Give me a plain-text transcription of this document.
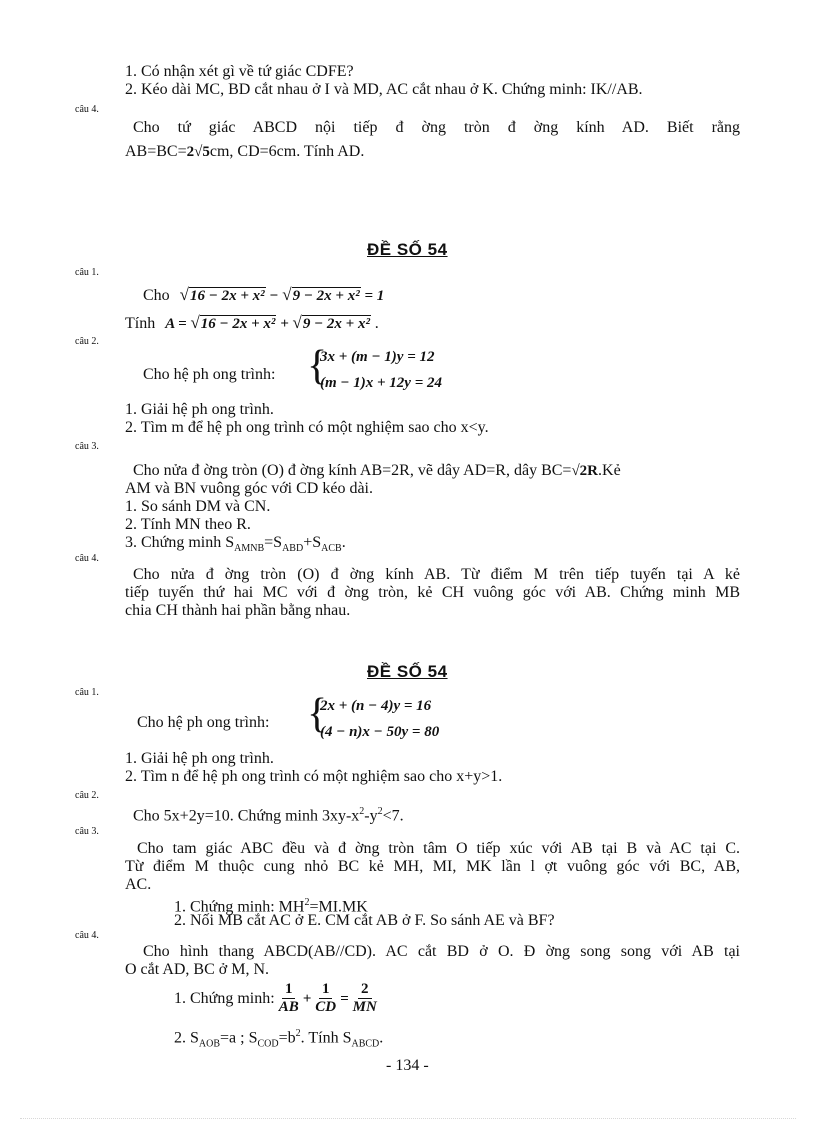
1. Có nhận xét gì về tứ giác CDFE?
2. Kéo dài MC, BD cắt nhau ở I và MD, AC cắt nhau ở K. Chứng minh: IK//AB.
câu 4.
Cho tứ giác ABCD nội tiếp đ ờng tròn đ ờng kính AD. Biết rằng
AB=BC=2√5cm, CD=6cm. Tính AD.
ĐỀ SỐ 54
câu 1.
Cho √16 − 2x + x² − √9 − 2x + x² = 1
Tính A = √16 − 2x + x² + √9 − 2x + x² .
câu 2.
Cho hệ ph ong trình: {
3x + (m − 1)y = 12
(m − 1)x + 12y = 24
1. Giải hệ ph ong trình.
2. Tìm m để hệ ph ong trình có một nghiệm sao cho x<y.
câu 3.
Cho nửa đ ờng tròn (O) đ ờng kính AB=2R, vẽ dây AD=R, dây BC=√2R.Kẻ
AM và BN vuông góc với CD kéo dài.
1. So sánh DM và CN.
2. Tính MN theo R.
3. Chứng minh $S_{AMNB}=S_{ABD}+S_{ACB}$.
câu 4.
Cho nửa đ ờng tròn (O) đ ờng kính AB. Từ điểm M trên tiếp tuyến tại A kẻ
tiếp tuyến thứ hai MC với đ ờng tròn, kẻ CH vuông góc với AB. Chứng minh MB
chia CH thành hai phần bằng nhau.
ĐỀ SỐ 54
câu 1.
Cho hệ ph ong trình: {
2x + (n − 4)y = 16
(4 − n)x − 50y = 80
1. Giải hệ ph ong trình.
2. Tìm n để hệ ph ong trình có một nghiệm sao cho x+y>1.
câu 2.
Cho 5x+2y=10. Chứng minh $3xy-x^2-y^2<7$.
câu 3.
Cho tam giác ABC đều và đ ờng tròn tâm O tiếp xúc với AB tại B và AC tại C.
Từ điểm M thuộc cung nhỏ BC kẻ MH, MI, MK lần l ợt vuông góc với BC, AB,
AC.
1. Chứng minh: $MH^2=MI.MK$
2. Nối MB cắt AC ở E. CM cắt AB ở F. So sánh AE và BF?
câu 4.
Cho hình thang ABCD(AB//CD). AC cắt BD ở O. Đ ờng song song với AB tại
O cắt AD, BC ở M, N.
1. Chứng minh: $\frac{1}{AB} + \frac{1}{CD} = \frac{2}{MN}$
2. $S_{AOB}=a$ ; $S_{COD}=b^2$. Tính $S_{ABCD}$.
- 134 -
